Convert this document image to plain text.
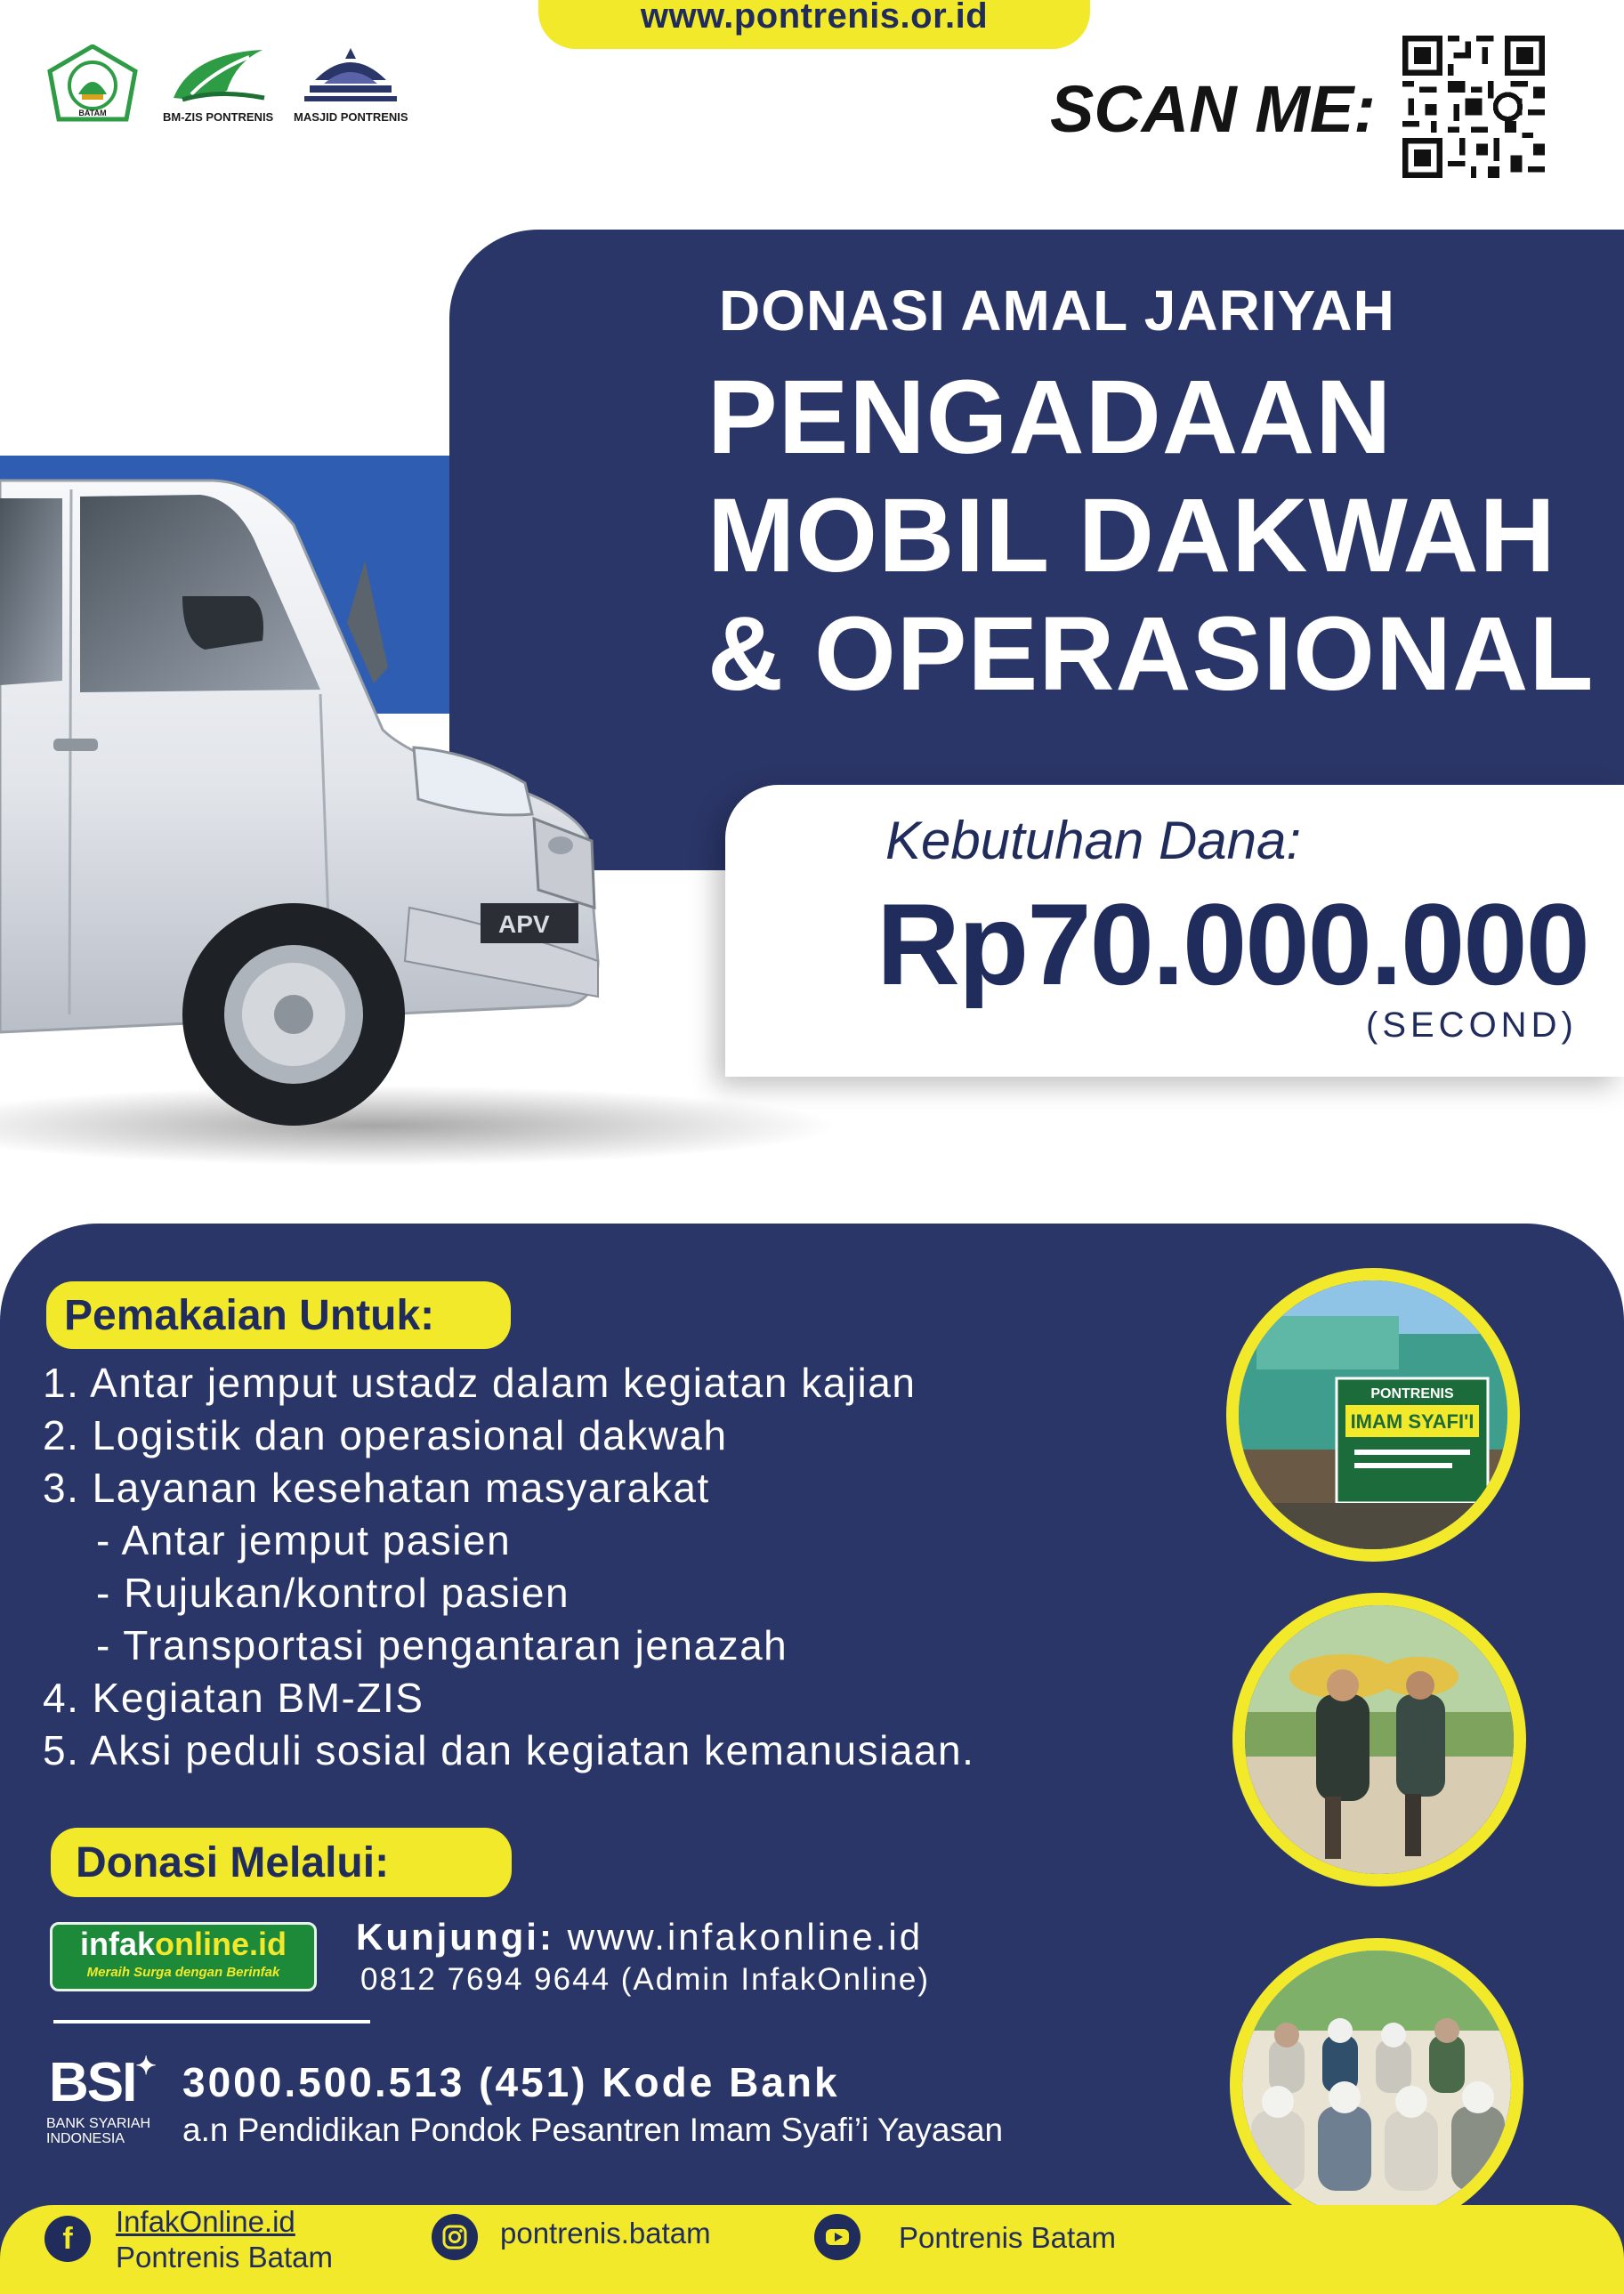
www.pontrenis.or.id
BATAM	BM-ZIS PONTRENIS MASJID PONTRENIS	SCAN ME:
DONASI AMAL JARIYAH
PENGADAAN
MOBIL DAKWAH
& OPERASIONAL
APV
Kebutuhan Dana:
Rp70.000.000
(SECOND)
Pemakaian Untuk:
1. Antar jemput ustadz dalam kegiatan kajian
2. Logistik dan operasional dakwah
3. Layanan kesehatan masyarakat
- Antar jemput pasien
- Rujukan/kontrol pasien
- Transportasi pengantaran jenazah
4. Kegiatan BM-ZIS
5. Aksi peduli sosial dan kegiatan kemanusiaan.
PONTRENIS
IMAM SYAFI'I
Donasi Melalui:
infakonline.id
Meraih Surga dengan Berinfak
Kunjungi: www.infakonline.id
0812 7694 9644 (Admin InfakOnline)
BSI✦
BANK SYARIAH
INDONESIA
3000.500.513 (451) Kode Bank
a.n Pendidikan Pondok Pesantren Imam Syafi’i Yayasan
f	InfakOnline.id
Pontrenis Batam
pontrenis.batam	Pontrenis Batam
